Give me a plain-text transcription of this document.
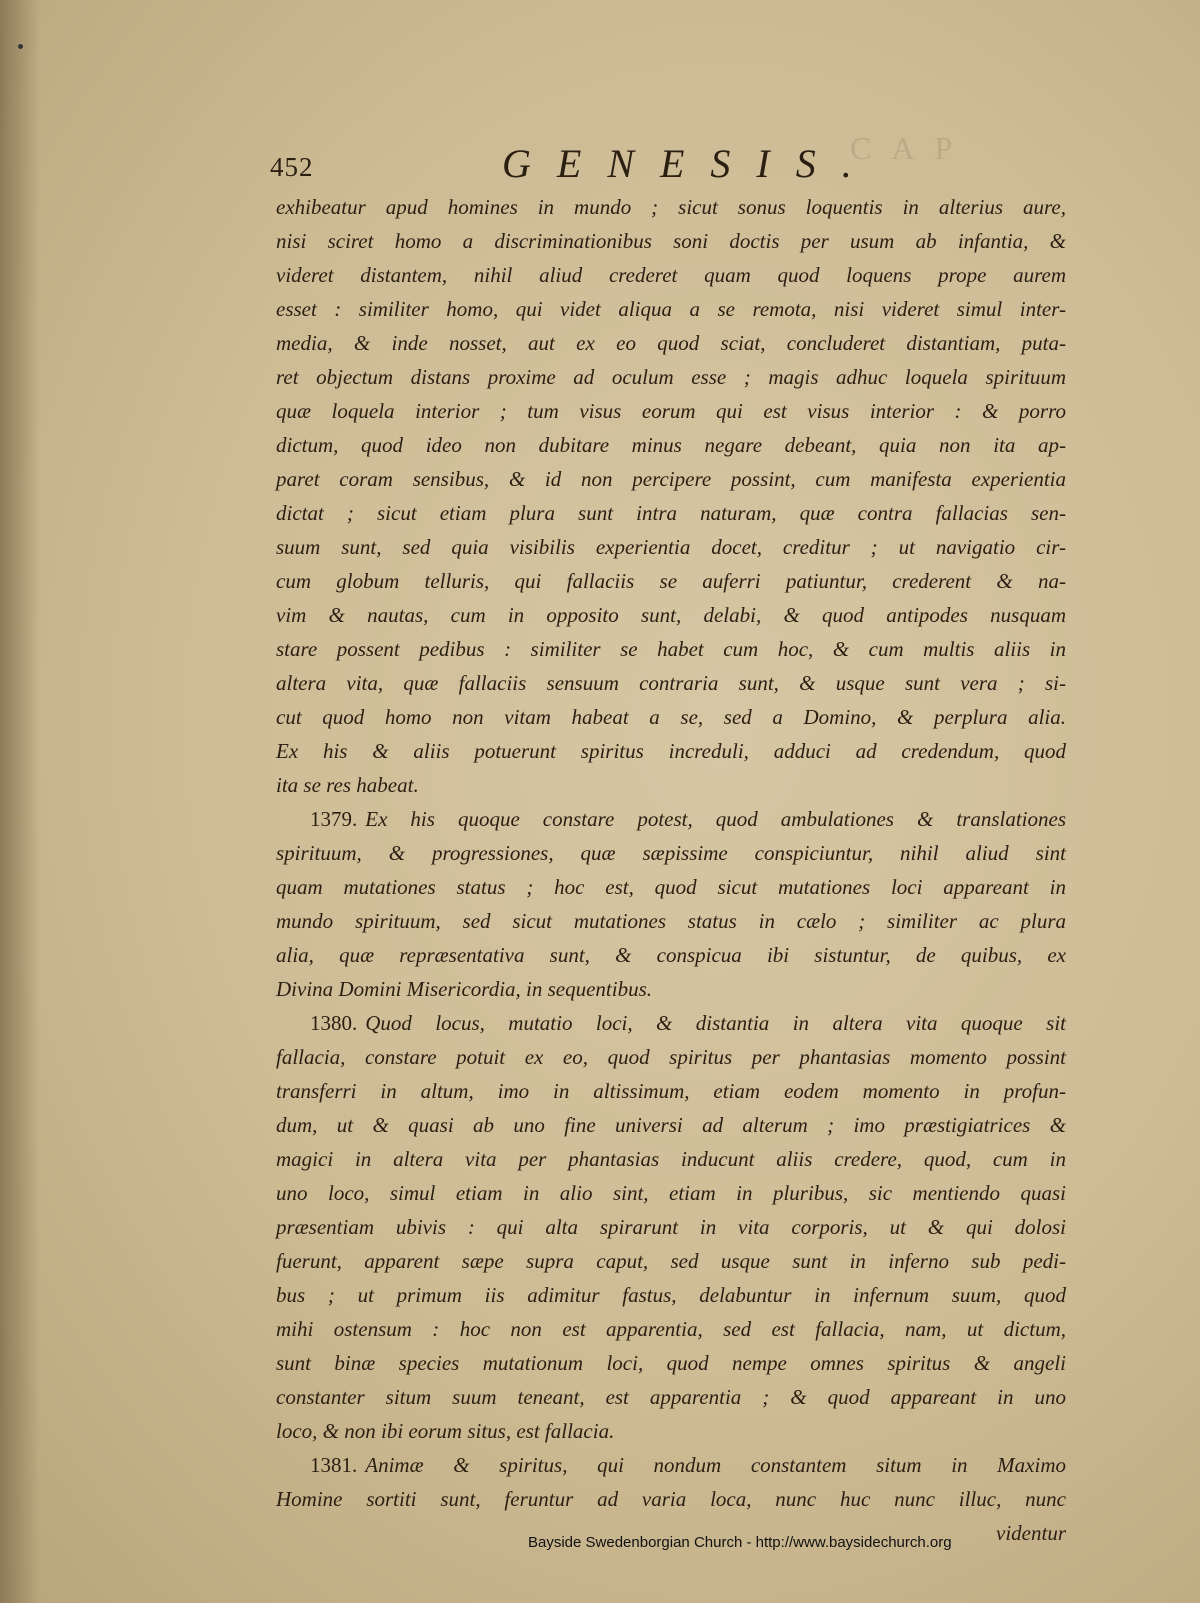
CAP
452	GENESIS.
exhibeatur apud homines in mundo ; sicut sonus loquentis in alterius aure,
nisi sciret homo a discriminationibus soni doctis per usum ab infantia, &
videret distantem, nihil aliud crederet quam quod loquens prope aurem
esset : similiter homo, qui videt aliqua a se remota, nisi videret simul inter-
media, & inde nosset, aut ex eo quod sciat, concluderet distantiam, puta-
ret objectum distans proxime ad oculum esse ; magis adhuc loquela spirituum
quæ loquela interior ; tum visus eorum qui est visus interior : & porro
dictum, quod ideo non dubitare minus negare debeant, quia non ita ap-
paret coram sensibus, & id non percipere possint, cum manifesta experientia
dictat ; sicut etiam plura sunt intra naturam, quæ contra fallacias sen-
suum sunt, sed quia visibilis experientia docet, creditur ; ut navigatio cir-
cum globum telluris, qui fallaciis se auferri patiuntur, crederent & na-
vim & nautas, cum in opposito sunt, delabi, & quod antipodes nusquam
stare possent pedibus : similiter se habet cum hoc, & cum multis aliis in
altera vita, quæ fallaciis sensuum contraria sunt, & usque sunt vera ; si-
cut quod homo non vitam habeat a se, sed a Domino, & perplura alia.
Ex his & aliis potuerunt spiritus increduli, adduci ad credendum, quod
ita se res habeat.
1379. Ex his quoque constare potest, quod ambulationes & translationes
spirituum, & progressiones, quæ sæpissime conspiciuntur, nihil aliud sint
quam mutationes status ; hoc est, quod sicut mutationes loci appareant in
mundo spirituum, sed sicut mutationes status in cælo ; similiter ac plura
alia, quæ repræsentativa sunt, & conspicua ibi sistuntur, de quibus, ex
Divina Domini Misericordia, in sequentibus.
1380. Quod locus, mutatio loci, & distantia in altera vita quoque sit
fallacia, constare potuit ex eo, quod spiritus per phantasias momento possint
transferri in altum, imo in altissimum, etiam eodem momento in profun-
dum, ut & quasi ab uno fine universi ad alterum ; imo præstigiatrices &
magici in altera vita per phantasias inducunt aliis credere, quod, cum in
uno loco, simul etiam in alio sint, etiam in pluribus, sic mentiendo quasi
præsentiam ubivis : qui alta spirarunt in vita corporis, ut & qui dolosi
fuerunt, apparent sæpe supra caput, sed usque sunt in inferno sub pedi-
bus ; ut primum iis adimitur fastus, delabuntur in infernum suum, quod
mihi ostensum : hoc non est apparentia, sed est fallacia, nam, ut dictum,
sunt binæ species mutationum loci, quod nempe omnes spiritus & angeli
constanter situm suum teneant, est apparentia ; & quod appareant in uno
loco, & non ibi eorum situs, est fallacia.
1381. Animæ & spiritus, qui nondum constantem situm in Maximo
Homine sortiti sunt, feruntur ad varia loca, nunc huc nunc illuc, nunc
videntur
Bayside Swedenborgian Church - http://www.baysidechurch.org
